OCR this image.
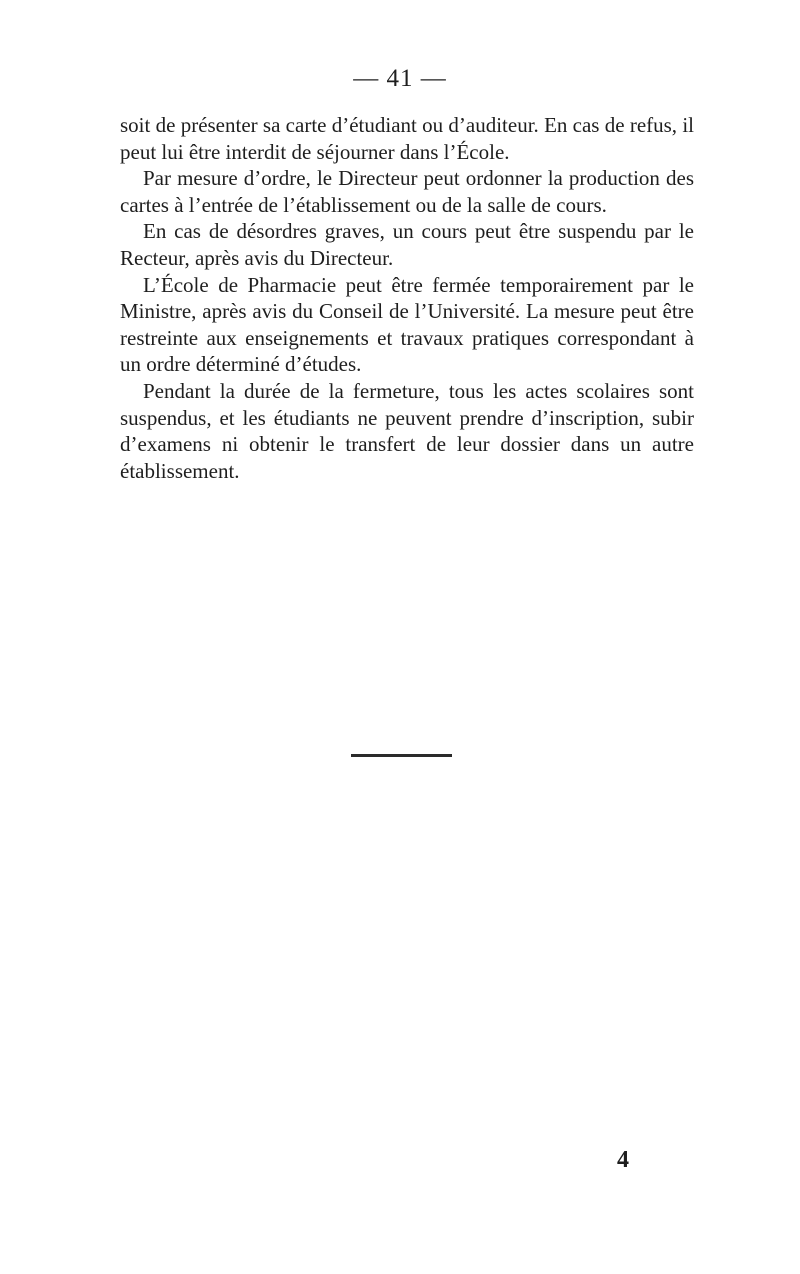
— 41 —

soit de présenter sa carte d’étudiant ou d’auditeur. En cas de refus, il peut lui être interdit de séjourner dans l’École.

Par mesure d’ordre, le Directeur peut ordonner la production des cartes à l’entrée de l’établissement ou de la salle de cours.

En cas de désordres graves, un cours peut être suspendu par le Recteur, après avis du Directeur.

L’École de Pharmacie peut être fermée temporairement par le Ministre, après avis du Conseil de l’Université. La mesure peut être restreinte aux enseignements et travaux pratiques correspondant à un ordre déterminé d’études.

Pendant la durée de la fermeture, tous les actes scolaires sont suspendus, et les étudiants ne peuvent prendre d’inscription, subir d’examens ni obtenir le transfert de leur dossier dans un autre établissement.

4
